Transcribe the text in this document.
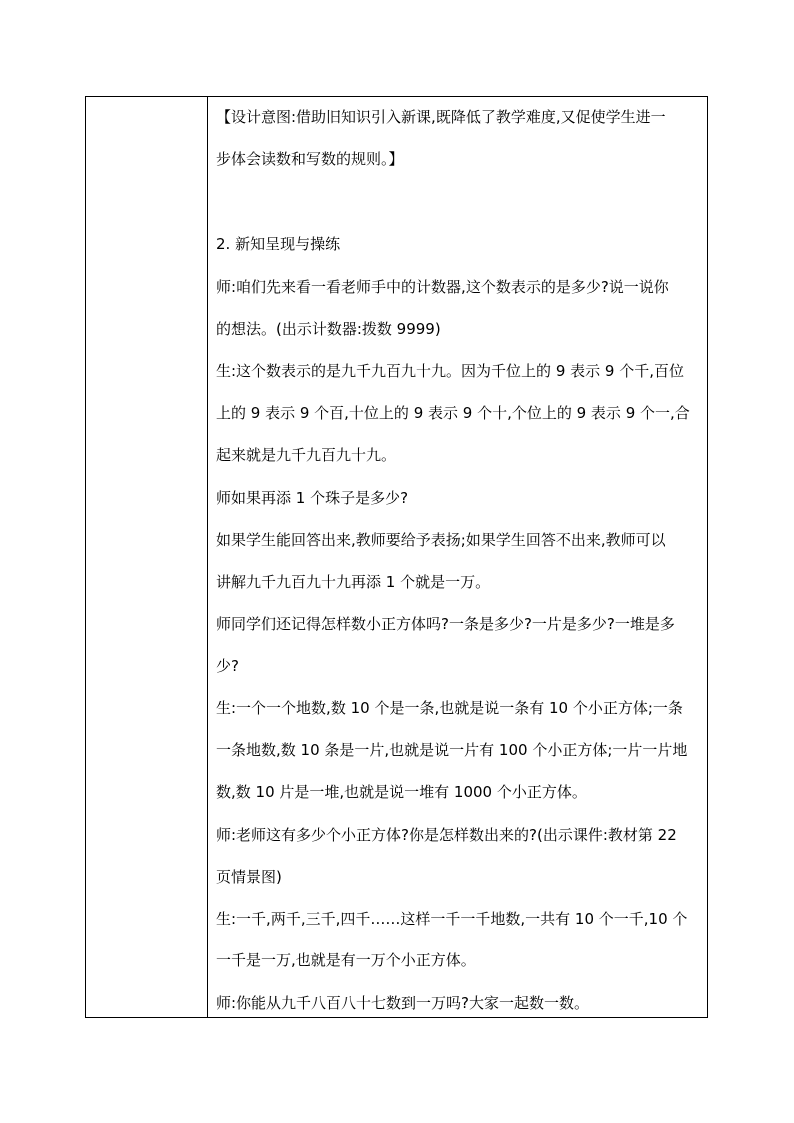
【设计意图:借助旧知识引入新课,既降低了教学难度,又促使学生进一
步体会读数和写数的规则。】
2. 新知呈现与操练
师:咱们先来看一看老师手中的计数器,这个数表示的是多少?说一说你
的想法。(出示计数器:拨数 9999)
生:这个数表示的是九千九百九十九。因为千位上的 9 表示 9 个千,百位
上的 9 表示 9 个百,十位上的 9 表示 9 个十,个位上的 9 表示 9 个一,合
起来就是九千九百九十九。
师如果再添 1 个珠子是多少?
如果学生能回答出来,教师要给予表扬;如果学生回答不出来,教师可以
讲解九千九百九十九再添 1 个就是一万。
师同学们还记得怎样数小正方体吗?一条是多少?一片是多少?一堆是多
少?
生:一个一个地数,数 10 个是一条,也就是说一条有 10 个小正方体;一条
一条地数,数 10 条是一片,也就是说一片有 100 个小正方体;一片一片地
数,数 10 片是一堆,也就是说一堆有 1000 个小正方体。
师:老师这有多少个小正方体?你是怎样数出来的?(出示课件:教材第 22
页情景图)
生:一千,两千,三千,四千……这样一千一千地数,一共有 10 个一千,10 个
一千是一万,也就是有一万个小正方体。
师:你能从九千八百八十七数到一万吗?大家一起数一数。
